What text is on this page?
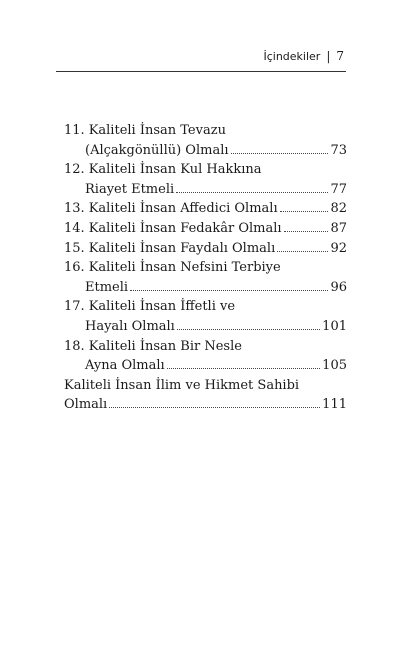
İçindekiler | 7
11. Kaliteli İnsan Tevazu
(Alçakgönüllü) Olmalı	73
12. Kaliteli İnsan Kul Hakkına
Riayet Etmeli	77
13. Kaliteli İnsan Affedici Olmalı	82
14. Kaliteli İnsan Fedakâr Olmalı	87
15. Kaliteli İnsan Faydalı Olmalı	92
16. Kaliteli İnsan Nefsini Terbiye
Etmeli	96
17. Kaliteli İnsan İffetli ve
Hayalı Olmalı	101
18. Kaliteli İnsan Bir Nesle
Ayna Olmalı	105
Kaliteli İnsan İlim ve Hikmet Sahibi
Olmalı	111
